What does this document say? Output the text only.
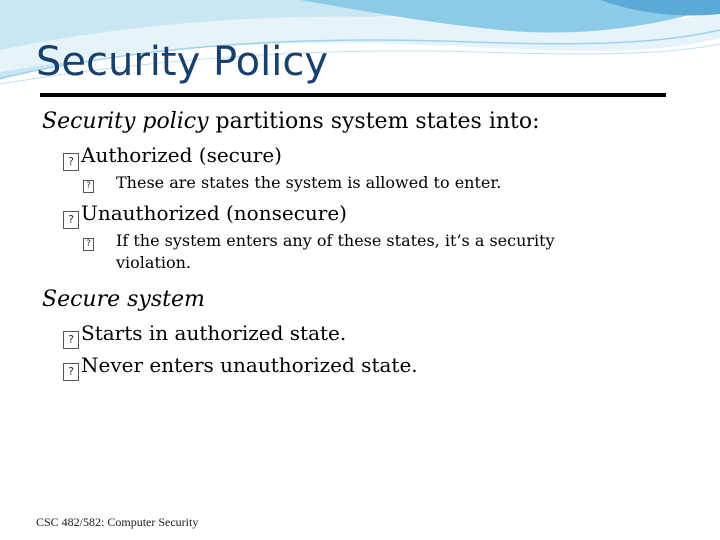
Security Policy

Security policy partitions system states into:

? Authorized (secure)
?	These are states the system is allowed to enter.
? Unauthorized (nonsecure)
?	If the system enters any of these states, it’s a security violation.

Secure system

? Starts in authorized state.
? Never enters unauthorized state.
CSC 482/582: Computer Security
